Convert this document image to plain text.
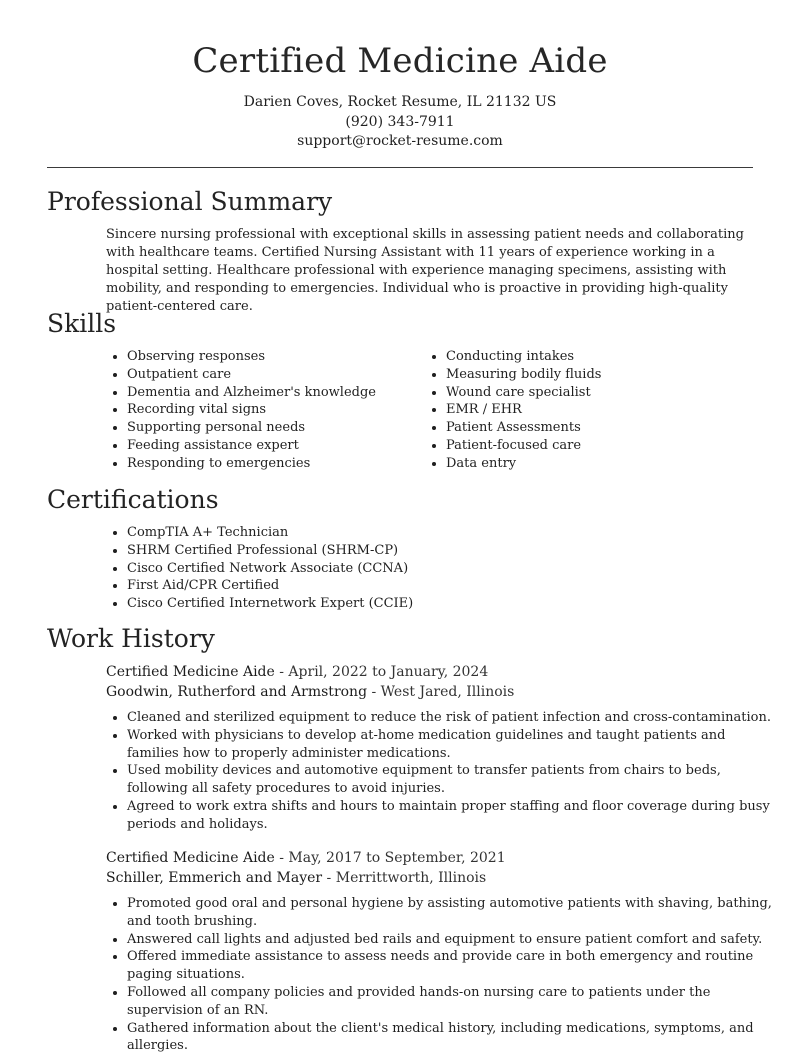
Certified Medicine Aide
Darien Coves, Rocket Resume, IL 21132 US
(920) 343-7911
support@rocket-resume.com
Professional Summary
Sincere nursing professional with exceptional skills in assessing patient needs and collaborating with healthcare teams. Certified Nursing Assistant with 11 years of experience working in a hospital setting. Healthcare professional with experience managing specimens, assisting with mobility, and responding to emergencies. Individual who is proactive in providing high-quality patient-centered care.
Skills
• Observing responses
• Outpatient care
• Dementia and Alzheimer's knowledge
• Recording vital signs
• Supporting personal needs
• Feeding assistance expert
• Responding to emergencies
• Conducting intakes
• Measuring bodily fluids
• Wound care specialist
• EMR / EHR
• Patient Assessments
• Patient-focused care
• Data entry
Certifications
• CompTIA A+ Technician
• SHRM Certified Professional (SHRM-CP)
• Cisco Certified Network Associate (CCNA)
• First Aid/CPR Certified
• Cisco Certified Internetwork Expert (CCIE)
Work History
Certified Medicine Aide - April, 2022 to January, 2024
Goodwin, Rutherford and Armstrong - West Jared, Illinois
• Cleaned and sterilized equipment to reduce the risk of patient infection and cross-contamination.
• Worked with physicians to develop at-home medication guidelines and taught patients and families how to properly administer medications.
• Used mobility devices and automotive equipment to transfer patients from chairs to beds, following all safety procedures to avoid injuries.
• Agreed to work extra shifts and hours to maintain proper staffing and floor coverage during busy periods and holidays.
Certified Medicine Aide - May, 2017 to September, 2021
Schiller, Emmerich and Mayer - Merrittworth, Illinois
• Promoted good oral and personal hygiene by assisting automotive patients with shaving, bathing, and tooth brushing.
• Answered call lights and adjusted bed rails and equipment to ensure patient comfort and safety.
• Offered immediate assistance to assess needs and provide care in both emergency and routine paging situations.
• Followed all company policies and provided hands-on nursing care to patients under the supervision of an RN.
• Gathered information about the client's medical history, including medications, symptoms, and allergies.
